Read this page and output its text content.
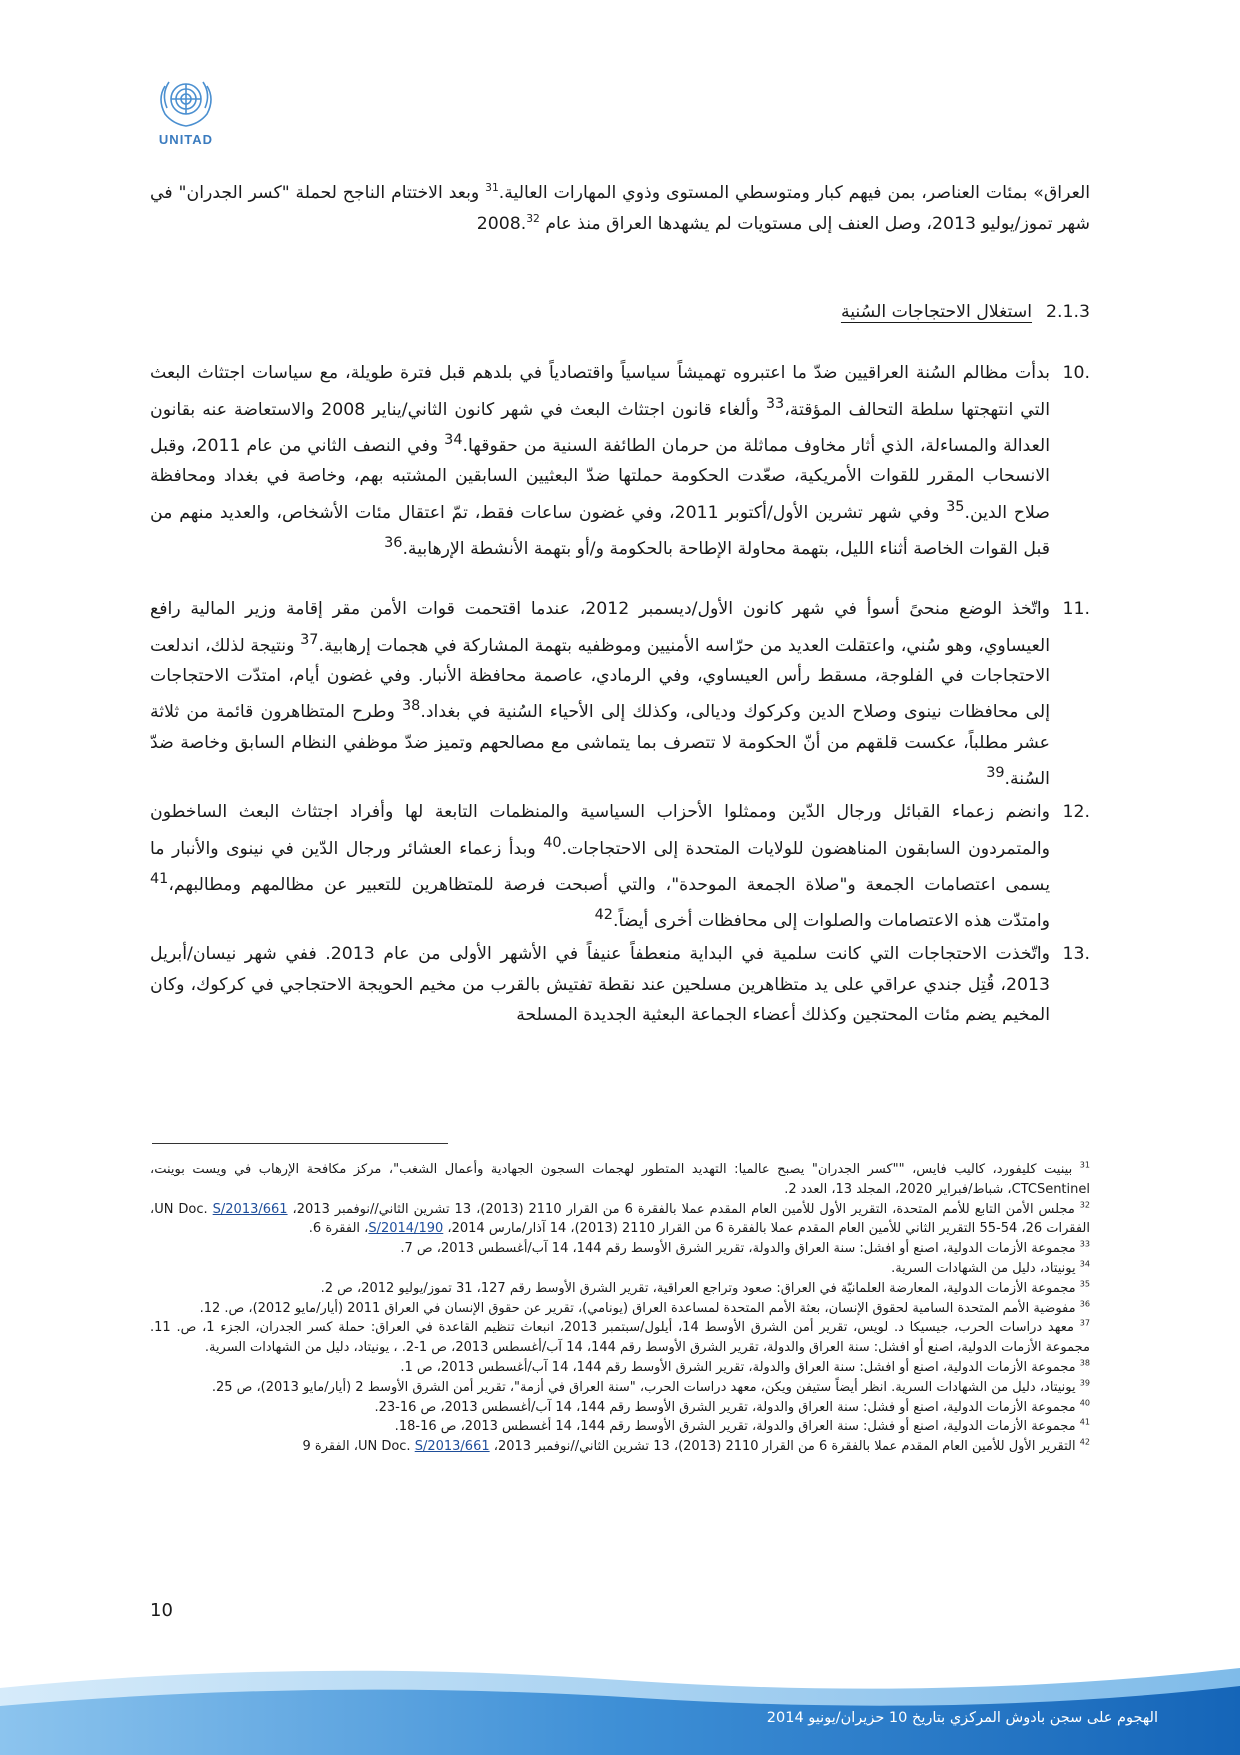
UNITAD
العراق» بمئات العناصر، بمن فيهم كبار ومتوسطي المستوى وذوي المهارات العالية.$^{31}$ وبعد الاختتام الناجح لحملة "كسر الجدران" في شهر تموز/يوليو 2013، وصل العنف إلى مستويات لم يشهدها العراق منذ عام 2008.32
2.1.3
استغلال الاحتجاجات السُنية
10.
بدأت مظالم السُنة العراقيين ضدّ ما اعتبروه تهميشاً سياسياً واقتصادياً في بلدهم قبل فترة طويلة، مع سياسات اجتثاث البعث التي انتهجتها سلطة التحالف المؤقتة،$^{33}$ وألغاء قانون اجتثاث البعث في شهر كانون الثاني/يناير 2008 والاستعاضة عنه بقانون العدالة والمساءلة، الذي أثار مخاوف مماثلة من حرمان الطائفة السنية من حقوقها.$^{34}$ وفي النصف الثاني من عام 2011، وقبل الانسحاب المقرر للقوات الأمريكية، صعّدت الحكومة حملتها ضدّ البعثيين السابقين المشتبه بهم، وخاصة في بغداد ومحافظة صلاح الدين.$^{35}$ وفي شهر تشرين الأول/أكتوبر 2011، وفي غضون ساعات فقط، تمّ اعتقال مئات الأشخاص، والعديد منهم من قبل القوات الخاصة أثناء الليل، بتهمة محاولة الإطاحة بالحكومة و/أو بتهمة الأنشطة الإرهابية.$^{36}$
11.
واتّخذ الوضع منحىً أسوأ في شهر كانون الأول/ديسمبر 2012، عندما اقتحمت قوات الأمن مقر إقامة وزير المالية رافع العيساوي، وهو سُني، واعتقلت العديد من حرّاسه الأمنيين وموظفيه بتهمة المشاركة في هجمات إرهابية.$^{37}$ ونتيجة لذلك، اندلعت الاحتجاجات في الفلوجة، مسقط رأس العيساوي، وفي الرمادي، عاصمة محافظة الأنبار. وفي غضون أيام، امتدّت الاحتجاجات إلى محافظات نينوى وصلاح الدين وكركوك وديالى، وكذلك إلى الأحياء السُنية في بغداد.$^{38}$ وطرح المتظاهرون قائمة من ثلاثة عشر مطلباً، عكست قلقهم من أنّ الحكومة لا تتصرف بما يتماشى مع مصالحهم وتميز ضدّ موظفي النظام السابق وخاصة ضدّ السُنة.$^{39}$
12.
وانضم زعماء القبائل ورجال الدّين وممثلوا الأحزاب السياسية والمنظمات التابعة لها وأفراد اجتثاث البعث الساخطون والمتمردون السابقون المناهضون للولايات المتحدة إلى الاحتجاجات.$^{40}$ وبدأ زعماء العشائر ورجال الدّين في نينوى والأنبار ما يسمى اعتصامات الجمعة و"صلاة الجمعة الموحدة"، والتي أصبحت فرصة للمتظاهرين للتعبير عن مظالمهم ومطالبهم،$^{41}$ وامتدّت هذه الاعتصامات والصلوات إلى محافظات أخرى أيضاً.$^{42}$
13.
واتّخذت الاحتجاجات التي كانت سلمية في البداية منعطفاً عنيفاً في الأشهر الأولى من عام 2013. ففي شهر نيسان/أبريل 2013، قُتِل جندي عراقي على يد متظاهرين مسلحين عند نقطة تفتيش بالقرب من مخيم الحويجة الاحتجاجي في كركوك، وكان المخيم يضم مئات المحتجين وكذلك أعضاء الجماعة البعثية الجديدة المسلحة
$^{31}$ بينيت كليفورد، كاليب فايس، ""كسر الجدران" يصبح عالميا: التهديد المتطور لهجمات السجون الجهادية وأعمال الشغب"، مركز مكافحة الإرهاب في ويست بوينت، CTCSentinel، شباط/فبراير 2020، المجلد 13، العدد 2.
$^{32}$ مجلس الأمن التابع للأمم المتحدة، التقرير الأول للأمين العام المقدم عملا بالفقرة 6 من القرار 2110 (2013)، 13 تشرين الثاني//نوفمبر 2013، UN Doc. S/2013/661، الفقرات 26، 54-55 التقرير الثاني للأمين العام المقدم عملا بالفقرة 6 من القرار 2110 (2013)، 14 آذار/مارس 2014، S/2014/190، الفقرة 6.
$^{33}$ مجموعة الأزمات الدولية، اصنع أو افشل: سنة العراق والدولة، تقرير الشرق الأوسط رقم 144، 14 آب/أغسطس 2013، ص 7.
$^{34}$ يونيتاد، دليل من الشهادات السرية.
$^{35}$ مجموعة الأزمات الدولية، المعارضة العلمانيّة في العراق: صعود وتراجع العراقية، تقرير الشرق الأوسط رقم 127، 31 تموز/يوليو 2012، ص 2.
$^{36}$ مفوضية الأمم المتحدة السامية لحقوق الإنسان، بعثة الأمم المتحدة لمساعدة العراق (يونامي)، تقرير عن حقوق الإنسان في العراق 2011 (أيار/مايو 2012)، ص. 12.
$^{37}$ معهد دراسات الحرب، جيسيكا د. لويس، تقرير أمن الشرق الأوسط 14، أيلول/سبتمبر 2013، انبعاث تنظيم القاعدة في العراق: حملة كسر الجدران، الجزء 1، ص. 11. مجموعة الأزمات الدولية، اصنع أو افشل: سنة العراق والدولة، تقرير الشرق الأوسط رقم 144، 14 آب/أغسطس 2013، ص 1-2. ، يونيتاد، دليل من الشهادات السرية.
$^{38}$ مجموعة الأزمات الدولية، اصنع أو افشل: سنة العراق والدولة، تقرير الشرق الأوسط رقم 144، 14 آب/أغسطس 2013، ص 1.
$^{39}$ يونيتاد، دليل من الشهادات السرية. انظر أيضاً ستيفن ويكن، معهد دراسات الحرب، "سنة العراق في أزمة"، تقرير أمن الشرق الأوسط 2 (أيار/مايو 2013)، ص 25.
$^{40}$ مجموعة الأزمات الدولية، اصنع أو فشل: سنة العراق والدولة، تقرير الشرق الأوسط رقم 144، 14 آب/أغسطس 2013، ص 16-23.
$^{41}$ مجموعة الأزمات الدولية، اصنع أو فشل: سنة العراق والدولة، تقرير الشرق الأوسط رقم 144، 14 أغسطس 2013، ص 16-18.
$^{42}$ التقرير الأول للأمين العام المقدم عملا بالفقرة 6 من القرار 2110 (2013)، 13 تشرين الثاني//نوفمبر 2013، UN Doc. S/2013/661، الفقرة 9
10
الهجوم على سجن بادوش المركزي بتاريخ 10 حزيران/يونيو 2014
